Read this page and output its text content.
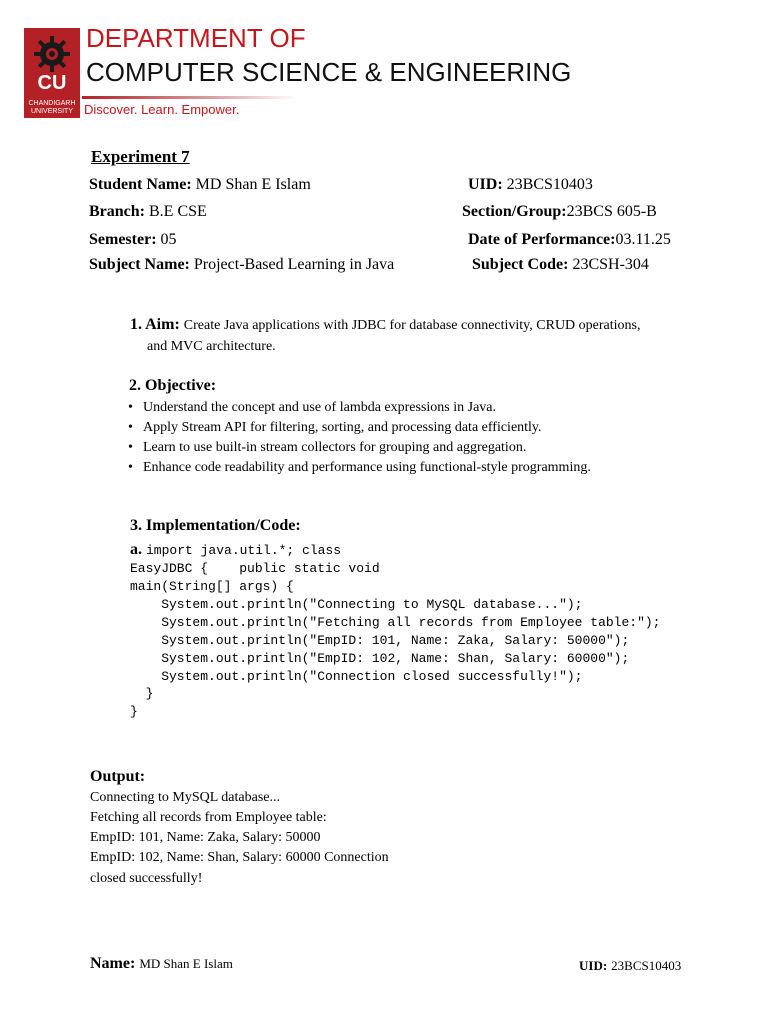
CU
CHANDIGARH
UNIVERSITY
DEPARTMENT OF
COMPUTER SCIENCE & ENGINEERING
Discover. Learn. Empower.
Experiment 7
Student Name: MD Shan E Islam	UID: 23BCS10403
Branch: B.E CSE	Section/Group:23BCS 605-B
Semester: 05	Date of Performance:03.11.25
Subject Name: Project-Based Learning in Java	Subject Code: 23CSH-304
1. Aim: Create Java applications with JDBC for database connectivity, CRUD operations,
and MVC architecture.
2. Objective:
• Understand the concept and use of lambda expressions in Java.
• Apply Stream API for filtering, sorting, and processing data efficiently.
• Learn to use built-in stream collectors for grouping and aggregation.
• Enhance code readability and performance using functional-style programming.
3. Implementation/Code:
a. import java.util.*; class
EasyJDBC {    public static void
main(String[] args) {
System.out.println("Connecting to MySQL database...");
System.out.println("Fetching all records from Employee table:");
System.out.println("EmpID: 101, Name: Zaka, Salary: 50000");
System.out.println("EmpID: 102, Name: Shan, Salary: 60000");
System.out.println("Connection closed successfully!");
}
}
Output:
Connecting to MySQL database...
Fetching all records from Employee table:
EmpID: 101, Name: Zaka, Salary: 50000
EmpID: 102, Name: Shan, Salary: 60000 Connection
closed successfully!
Name: MD Shan E Islam	UID: 23BCS10403
